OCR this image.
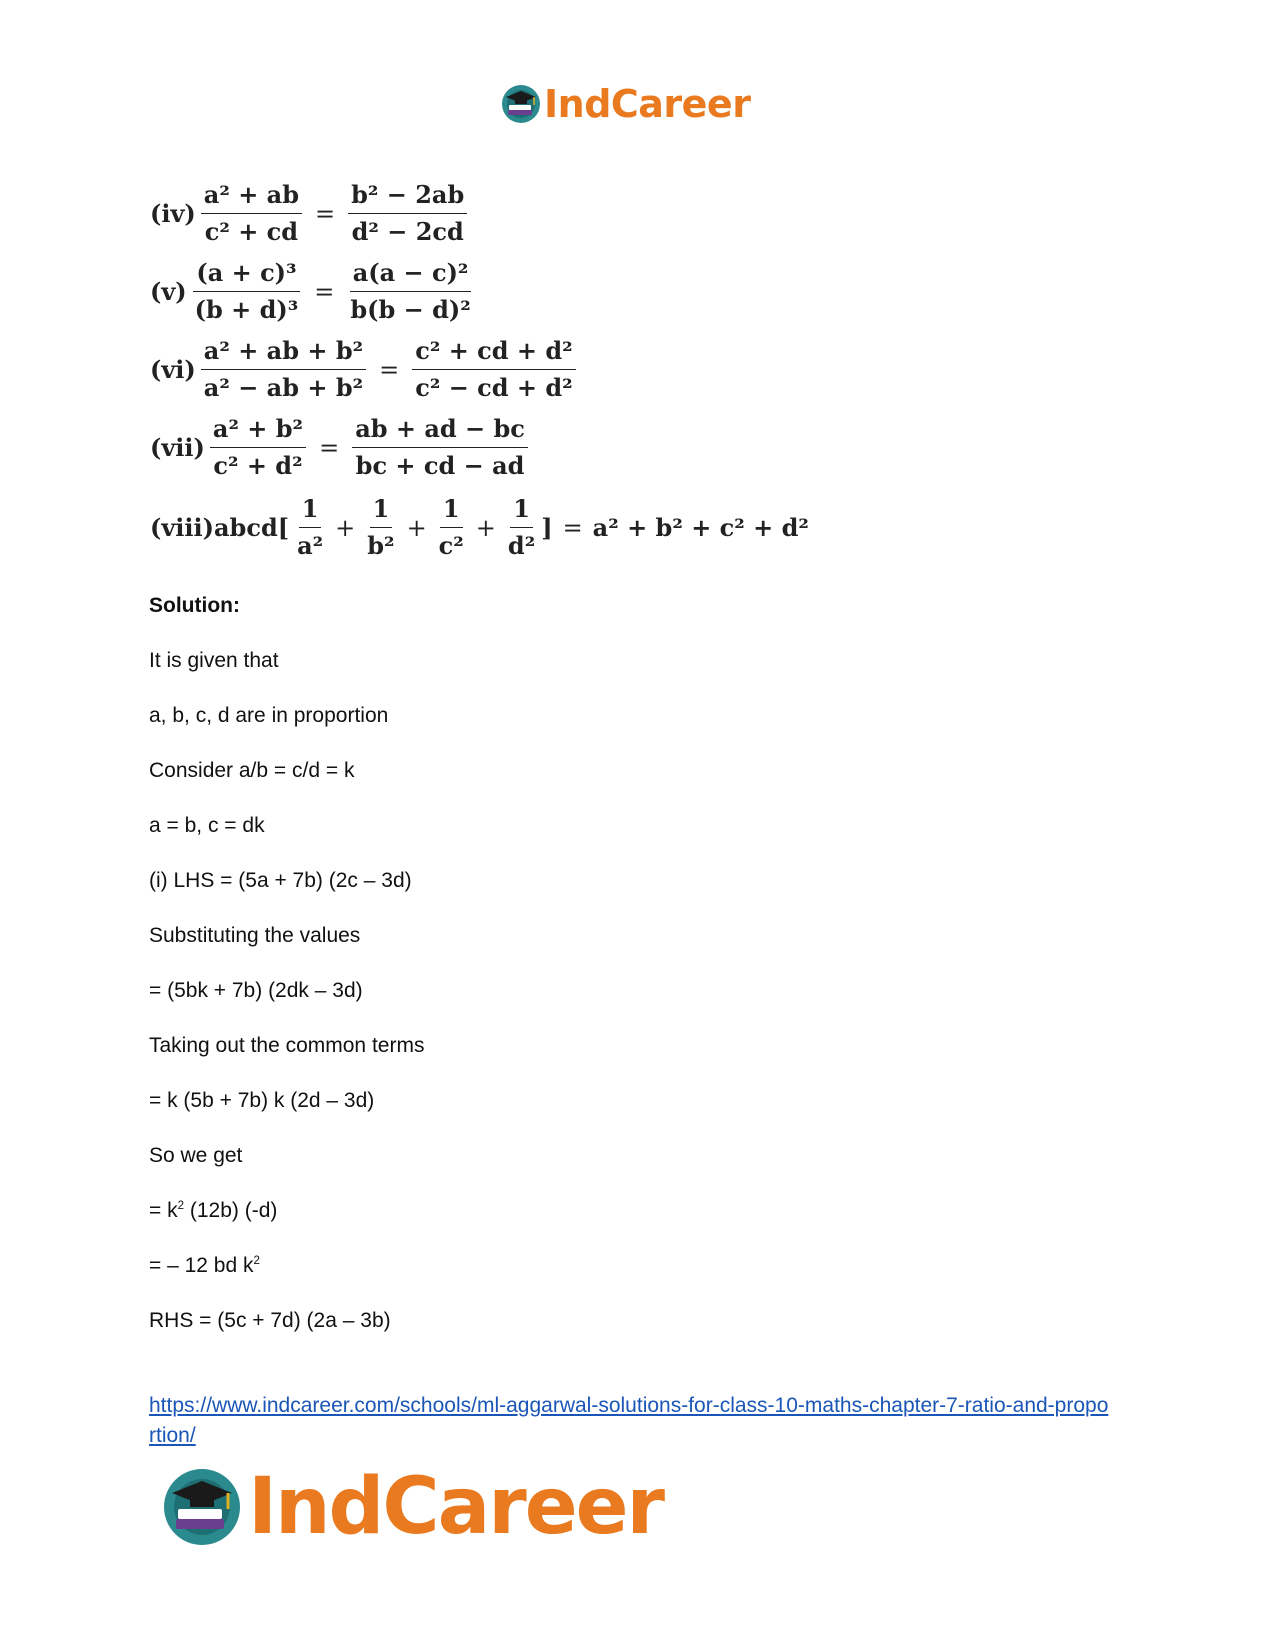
IndCareer
$(iv) \frac{\text{a² + ab}}{\text{c² + cd}} = \frac{\text{b² − 2ab}}{\text{d² − 2cd}}$
$(v) \frac{\text{(a + c)³}}{\text{(b + d)³}} = \frac{\text{a(a − c)²}}{\text{b(b − d)²}}$
$(vi) \frac{\text{a² + ab + b²}}{\text{a² − ab + b²}} = \frac{\text{c² + cd + d²}}{\text{c² − cd + d²}}$
$(vii) \frac{\text{a² + b²}}{\text{c² + d²}} = \frac{ab + ad - bc}{bc + cd - ad}$
(viii)abcd[ $\frac{1}{\text{a²}} + \frac{1}{\text{b²}} + \frac{1}{\text{c²}} + \frac{1}{\text{d²}}$ ] = a² + b² + c² + d²
Solution:
It is given that
a, b, c, d are in proportion
Consider a/b = c/d = k
a = b, c = dk
(i) LHS = (5a + 7b) (2c – 3d)
Substituting the values
= (5bk + 7b) (2dk – 3d)
Taking out the common terms
= k (5b + 7b) k (2d – 3d)
So we get
= $k^2$ (12b) (-d)
= – 12 bd $k^2$
RHS = (5c + 7d) (2a – 3b)
https://www.indcareer.com/schools/ml-aggarwal-solutions-for-class-10-maths-chapter-7-ratio-and-proportion/
IndCareer
